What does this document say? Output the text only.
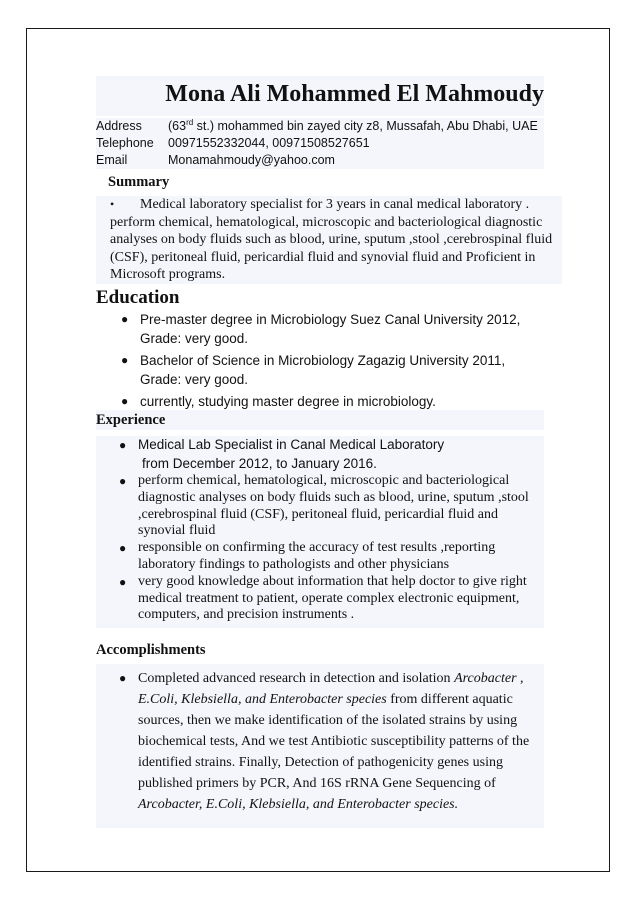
Mona Ali Mohammed El Mahmoudy
Address	(63rd st.) mohammed bin zayed city z8, Mussafah, Abu Dhabi, UAE
Telephone	00971552332044, 00971508527651
Email	Monamahmoudy@yahoo.com
Summary
•	Medical laboratory specialist for 3 years in canal medical laboratory . perform chemical, hematological, microscopic and bacteriological diagnostic analyses on body fluids such as blood, urine, sputum ,stool ,cerebrospinal fluid (CSF), peritoneal fluid, pericardial fluid and synovial fluid and Proficient in Microsoft programs.
Education
● Pre-master degree in Microbiology Suez Canal University 2012, Grade: very good.
● Bachelor of Science in Microbiology Zagazig University 2011, Grade: very good.
● currently, studying master degree in microbiology.
Experience
● Medical Lab Specialist in Canal Medical Laboratory
from December 2012, to January 2016.
● perform chemical, hematological, microscopic and bacteriological diagnostic analyses on body fluids such as blood, urine, sputum ,stool ,cerebrospinal fluid (CSF), peritoneal fluid, pericardial fluid and synovial fluid
● responsible on confirming the accuracy of test results ,reporting laboratory findings to pathologists and other physicians
● very good knowledge about information that help doctor to give right medical treatment to patient, operate complex electronic equipment, computers, and precision instruments .
Accomplishments
● Completed advanced research in detection and isolation Arcobacter , E.Coli, Klebsiella, and Enterobacter species from different aquatic sources, then we make identification of the isolated strains by using biochemical tests, And we test Antibiotic susceptibility patterns of the identified strains. Finally, Detection of pathogenicity genes using published primers by PCR, And 16S rRNA Gene Sequencing of Arcobacter, E.Coli, Klebsiella, and Enterobacter species.
